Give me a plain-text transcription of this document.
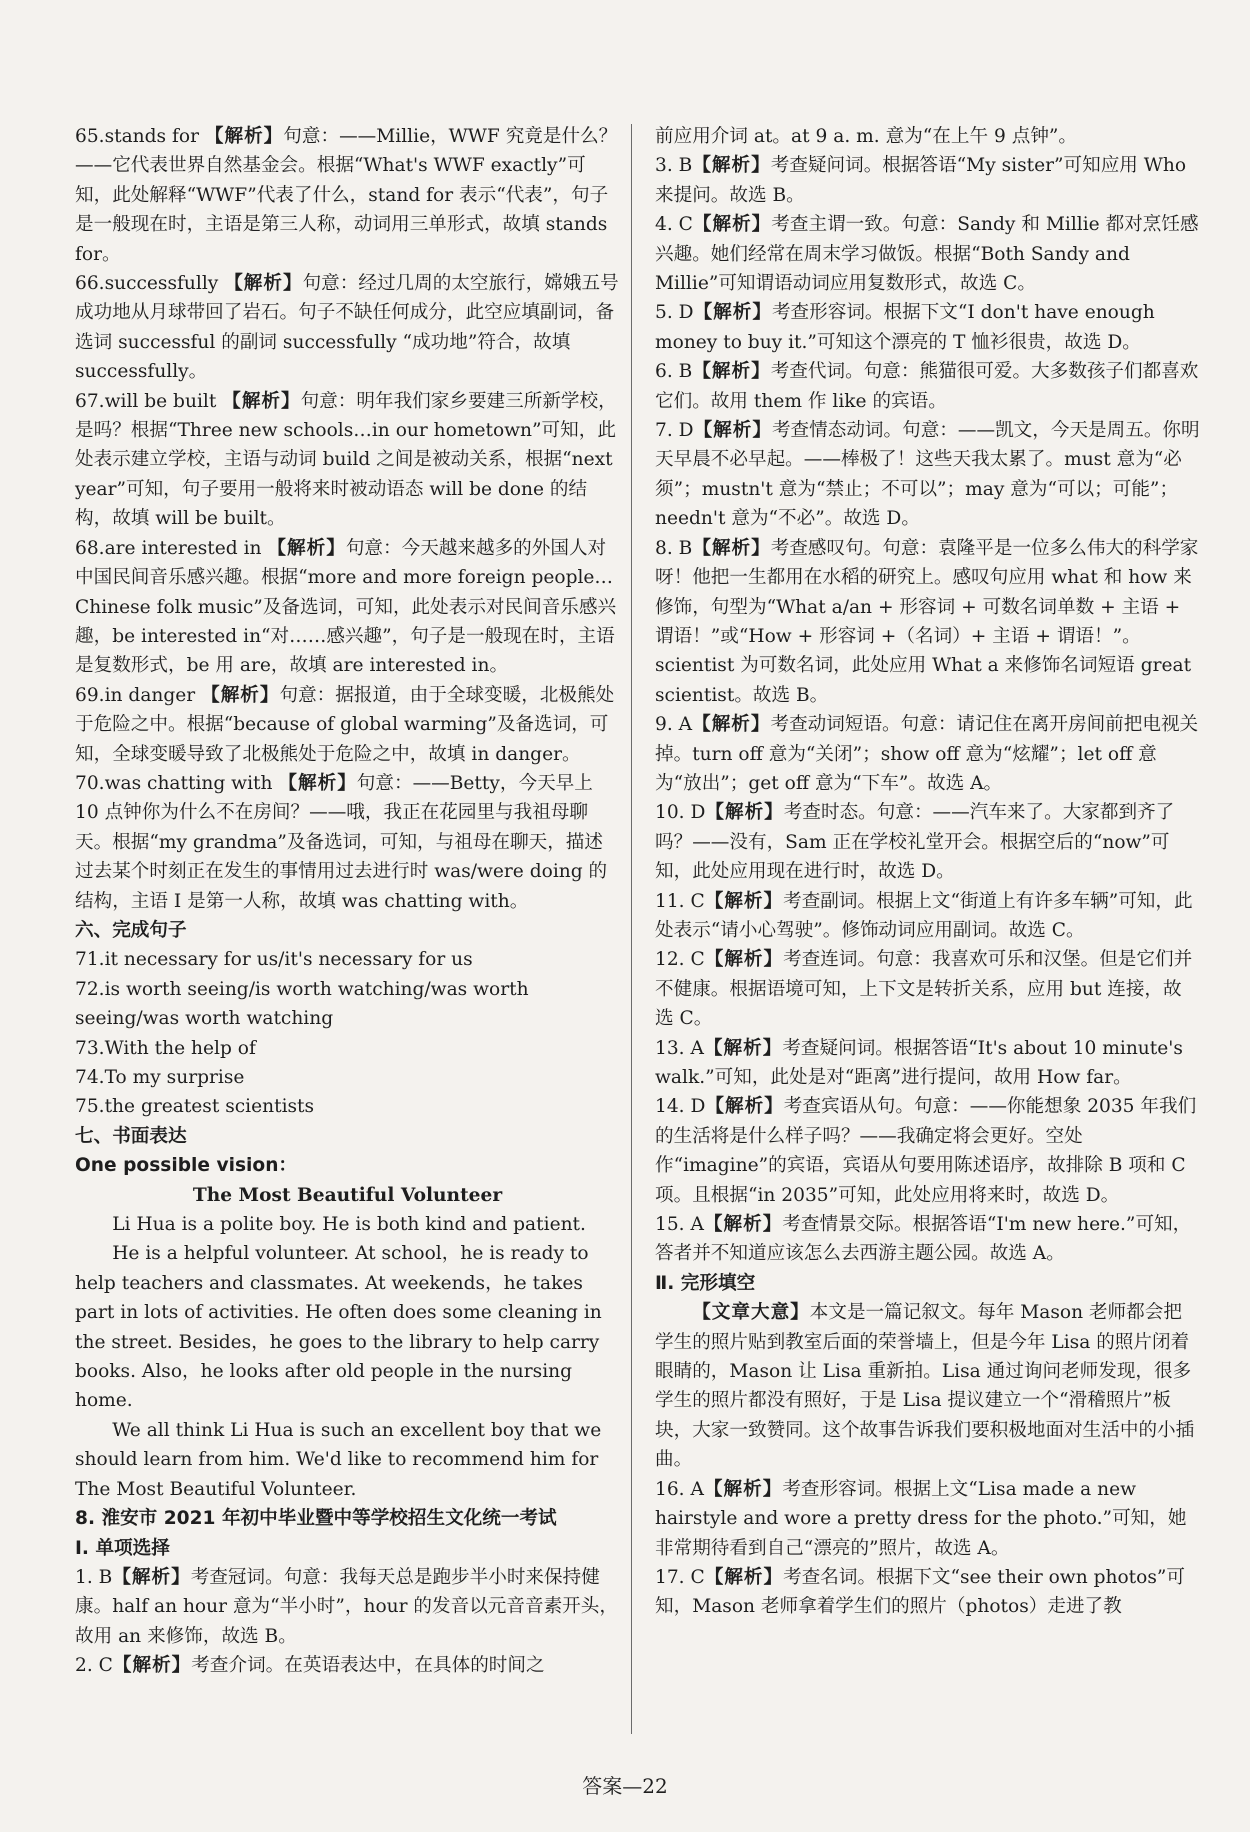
65.stands for 【解析】句意：——Millie，WWF 究竟是什么？——它代表世界自然基金会。根据“What's WWF exactly”可知，此处解释“WWF”代表了什么，stand for 表示“代表”，句子是一般现在时，主语是第三人称，动词用三单形式，故填 stands for。

66.successfully 【解析】句意：经过几周的太空旅行，嫦娥五号成功地从月球带回了岩石。句子不缺任何成分，此空应填副词，备选词 successful 的副词 successfully “成功地”符合，故填 successfully。

67.will be built 【解析】句意：明年我们家乡要建三所新学校，是吗？根据“Three new schools…in our hometown”可知，此处表示建立学校，主语与动词 build 之间是被动关系，根据“next year”可知，句子要用一般将来时被动语态 will be done 的结构，故填 will be built。

68.are interested in 【解析】句意：今天越来越多的外国人对中国民间音乐感兴趣。根据“more and more foreign people…Chinese folk music”及备选词，可知，此处表示对民间音乐感兴趣，be interested in“对……感兴趣”，句子是一般现在时，主语是复数形式，be 用 are，故填 are interested in。

69.in danger 【解析】句意：据报道，由于全球变暖，北极熊处于危险之中。根据“because of global warming”及备选词，可知，全球变暖导致了北极熊处于危险之中，故填 in danger。

70.was chatting with 【解析】句意：——Betty，今天早上 10 点钟你为什么不在房间？——哦，我正在花园里与我祖母聊天。根据“my grandma”及备选词，可知，与祖母在聊天，描述过去某个时刻正在发生的事情用过去进行时 was/were doing 的结构，主语 I 是第一人称，故填 was chatting with。

六、完成句子

71.it necessary for us/it's necessary for us

72.is worth seeing/is worth watching/was worth seeing/was worth watching

73.With the help of

74.To my surprise

75.the greatest scientists

七、书面表达

One possible vision：

The Most Beautiful Volunteer

Li Hua is a polite boy. He is both kind and patient.

He is a helpful volunteer. At school，he is ready to help teachers and classmates. At weekends，he takes part in lots of activities. He often does some cleaning in the street. Besides，he goes to the library to help carry books. Also，he looks after old people in the nursing home.

We all think Li Hua is such an excellent boy that we should learn from him. We'd like to recommend him for The Most Beautiful Volunteer.

8. 淮安市 2021 年初中毕业暨中等学校招生文化统一考试

Ⅰ. 单项选择

1. B【解析】考查冠词。句意：我每天总是跑步半小时来保持健康。half an hour 意为“半小时”，hour 的发音以元音音素开头，故用 an 来修饰，故选 B。

2. C【解析】考查介词。在英语表达中，在具体的时间之

前应用介词 at。at 9 a. m. 意为“在上午 9 点钟”。

3. B【解析】考查疑问词。根据答语“My sister”可知应用 Who 来提问。故选 B。

4. C【解析】考查主谓一致。句意：Sandy 和 Millie 都对烹饪感兴趣。她们经常在周末学习做饭。根据“Both Sandy and Millie”可知谓语动词应用复数形式，故选 C。

5. D【解析】考查形容词。根据下文“I don't have enough money to buy it.”可知这个漂亮的 T 恤衫很贵，故选 D。

6. B【解析】考查代词。句意：熊猫很可爱。大多数孩子们都喜欢它们。故用 them 作 like 的宾语。

7. D【解析】考查情态动词。句意：——凯文，今天是周五。你明天早晨不必早起。——棒极了！这些天我太累了。must 意为“必须”；mustn't 意为“禁止；不可以”；may 意为“可以；可能”；needn't 意为“不必”。故选 D。

8. B【解析】考查感叹句。句意：袁隆平是一位多么伟大的科学家呀！他把一生都用在水稻的研究上。感叹句应用 what 和 how 来修饰，句型为“What a/an + 形容词 + 可数名词单数 + 主语 + 谓语！”或“How + 形容词 +（名词）+ 主语 + 谓语！”。scientist 为可数名词，此处应用 What a 来修饰名词短语 great scientist。故选 B。

9. A【解析】考查动词短语。句意：请记住在离开房间前把电视关掉。turn off 意为“关闭”；show off 意为“炫耀”；let off 意为“放出”；get off 意为“下车”。故选 A。

10. D【解析】考查时态。句意：——汽车来了。大家都到齐了吗？——没有，Sam 正在学校礼堂开会。根据空后的“now”可知，此处应用现在进行时，故选 D。

11. C【解析】考查副词。根据上文“街道上有许多车辆”可知，此处表示“请小心驾驶”。修饰动词应用副词。故选 C。

12. C【解析】考查连词。句意：我喜欢可乐和汉堡。但是它们并不健康。根据语境可知，上下文是转折关系，应用 but 连接，故选 C。

13. A【解析】考查疑问词。根据答语“It's about 10 minute's walk.”可知，此处是对“距离”进行提问，故用 How far。

14. D【解析】考查宾语从句。句意：——你能想象 2035 年我们的生活将是什么样子吗？——我确定将会更好。空处作“imagine”的宾语，宾语从句要用陈述语序，故排除 B 项和 C 项。且根据“in 2035”可知，此处应用将来时，故选 D。

15. A【解析】考查情景交际。根据答语“I'm new here.”可知，答者并不知道应该怎么去西游主题公园。故选 A。

Ⅱ. 完形填空

【文章大意】本文是一篇记叙文。每年 Mason 老师都会把学生的照片贴到教室后面的荣誉墙上，但是今年 Lisa 的照片闭着眼睛的，Mason 让 Lisa 重新拍。Lisa 通过询问老师发现，很多学生的照片都没有照好，于是 Lisa 提议建立一个“滑稽照片”板块，大家一致赞同。这个故事告诉我们要积极地面对生活中的小插曲。

16. A【解析】考查形容词。根据上文“Lisa made a new hairstyle and wore a pretty dress for the photo.”可知，她非常期待看到自己“漂亮的”照片，故选 A。

17. C【解析】考查名词。根据下文“see their own photos”可知，Mason 老师拿着学生们的照片（photos）走进了教

答案—22
